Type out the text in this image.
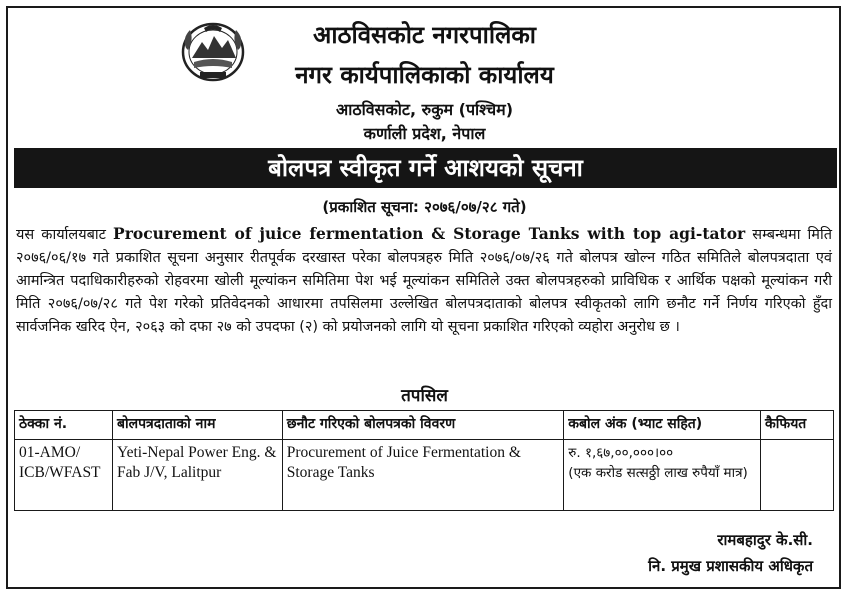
आठविसकोट नगरपालिका
नगर कार्यपालिकाको कार्यालय
आठविसकोट, रुकुम (पश्चिम)
कर्णाली प्रदेश, नेपाल
बोलपत्र स्वीकृत गर्ने आशयको सूचना
(प्रकाशित सूचना: २०७६/०७/२८ गते)
यस कार्यालयबाट Procurement of juice fermentation & Storage Tanks with top agi-tator सम्बन्धमा मिति २०७६/०६/१७ गते प्रकाशित सूचना अनुसार रीतपूर्वक दरखास्त परेका बोलपत्रहरु मिति २०७६/०७/२६ गते बोलपत्र खोल्न गठित समितिले बोलपत्रदाता एवं आमन्त्रित पदाधिकारीहरुको रोहवरमा खोली मूल्यांकन समितिमा पेश भई मूल्यांकन समितिले उक्त बोलपत्रहरुको प्राविधिक र आर्थिक पक्षको मूल्यांकन गरी मिति २०७६/०७/२८ गते पेश गरेको प्रतिवेदनको आधारमा तपसिलमा उल्लेखित बोलपत्रदाताको बोलपत्र स्वीकृतको लागि छनौट गर्ने निर्णय गरिएको हुँदा सार्वजनिक खरिद ऐन, २०६३ को दफा २७ को उपदफा (२) को प्रयोजनको लागि यो सूचना प्रकाशित गरिएको व्यहोरा अनुरोध छ ।
तपसिल
ठेक्का नं.	बोलपत्रदाताको नाम	छनौट गरिएको बोलपत्रको विवरण	कबोल अंक (भ्याट सहित)	कैफियत
01-AMO/ ICB/WFAST	Yeti-Nepal Power Eng. & Fab J/V, Lalitpur	Procurement of Juice Fermentation & Storage Tanks	रु. १,६७,००,०००।००
(एक करोड सत्सठ्ठी लाख रुपैयाँ मात्र)	

रामबहादुर के.सी.
नि. प्रमुख प्रशासकीय अधिकृत
